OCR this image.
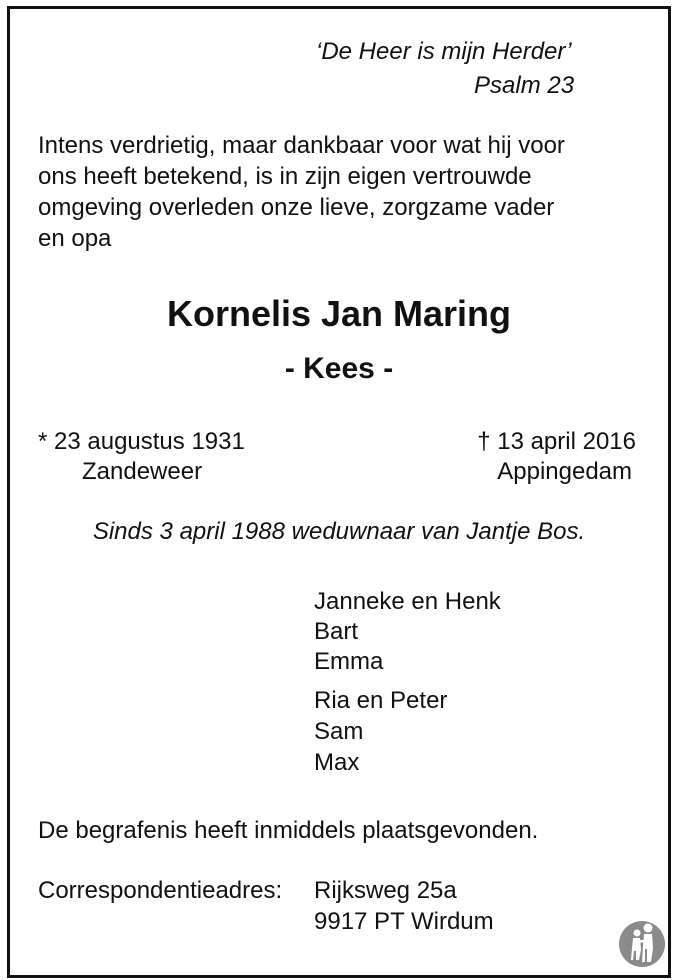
‘De Heer is mijn Herder’
Psalm 23
Intens verdrietig, maar dankbaar voor wat hij voor
ons heeft betekend, is in zijn eigen vertrouwde
omgeving overleden onze lieve, zorgzame vader
en opa
Kornelis Jan Maring
- Kees -
* 23 augustus 1931
Zandeweer
† 13 april 2016
Appingedam
Sinds 3 april 1988 weduwnaar van Jantje Bos.
Janneke en Henk
Bart
Emma
Ria en Peter
Sam
Max
De begrafenis heeft inmiddels plaatsgevonden.
Correspondentieadres: Rijksweg 25a
9917 PT Wirdum
